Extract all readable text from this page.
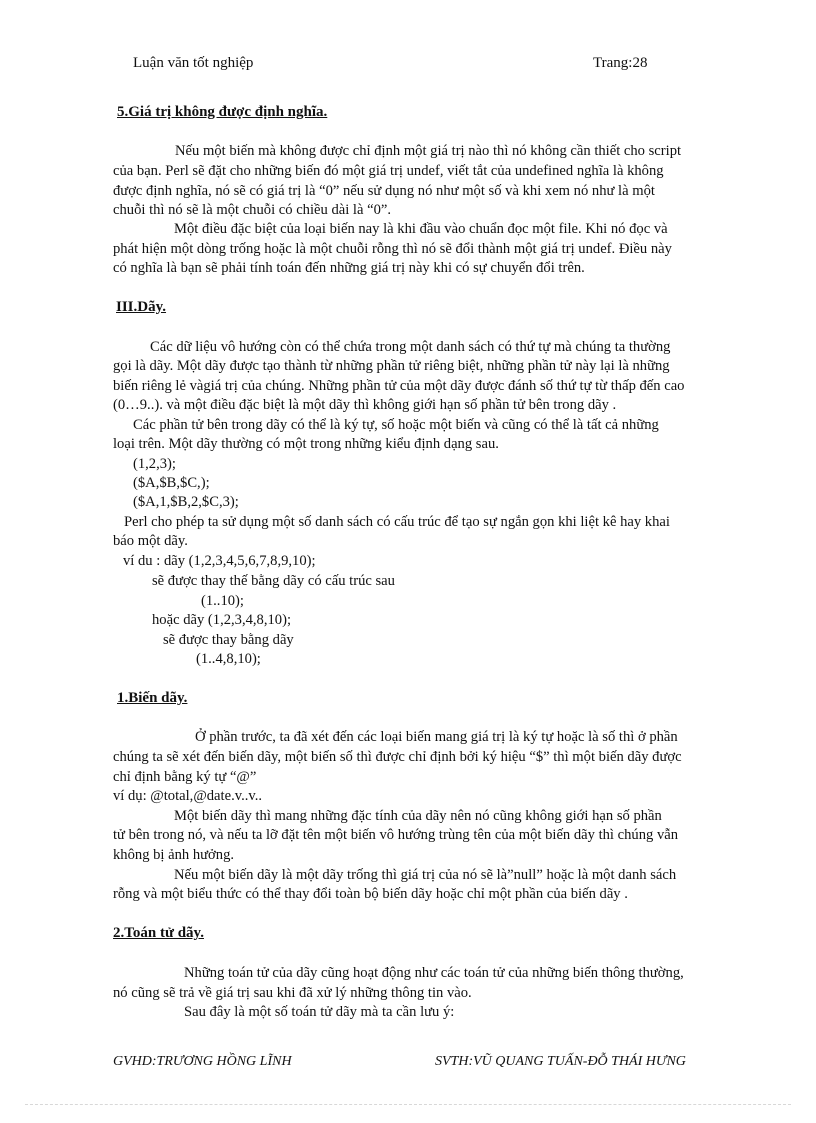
Luận văn tốt nghiệp	Trang:28
5.Giá trị không được định nghĩa.
Nếu một biến mà không được chỉ định một giá trị nào thì nó không cần thiết cho script
của bạn. Perl sẽ đặt cho những biến đó một giá trị undef, viết tắt của undefined nghĩa là không
được định nghĩa, nó sẽ có giá trị là “0” nếu sử dụng nó như một số và khi xem nó như là một
chuỗi thì nó sẽ là một chuỗi có chiều dài là “0”.
Một điều đặc biệt của loại biến nay là khi đầu vào chuẩn đọc một file. Khi nó đọc và
phát hiện một dòng trống hoặc là một chuỗi rỗng thì nó sẽ đổi thành một giá trị undef. Điều này
có nghĩa là bạn sẽ phải tính toán đến những giá trị này khi có sự chuyển đổi trên.
III.Dãy.
Các dữ liệu vô hướng còn có thể chứa trong một danh sách có thứ tự mà chúng ta thường
gọi là dãy. Một dãy được tạo thành từ những phần tử riêng biệt, những phần tử này lại là những
biến riêng lẻ vàgiá trị của chúng. Những phần tử của một dãy được đánh số thứ tự từ thấp đến cao
(0…9..). và một điều đặc biệt là một dãy thì không giới hạn số phần tử bên trong dãy .
Các phần tử bên trong dãy có thể là ký tự, số hoặc một biến và cũng có thể là tất cả những
loại trên. Một dãy thường có một trong những kiểu định dạng sau.
(1,2,3);
($A,$B,$C,);
($A,1,$B,2,$C,3);
Perl cho phép ta sử dụng một số danh sách có cấu trúc để tạo sự ngắn gọn khi liệt kê hay khai
báo một dãy.
ví du : dãy (1,2,3,4,5,6,7,8,9,10);
sẽ được thay thế bằng dãy có cấu trúc sau
(1..10);
hoặc dãy (1,2,3,4,8,10);
sẽ được thay bằng dãy
(1..4,8,10);
1.Biến dãy.
Ở phần trước, ta đã xét đến các loại biến mang giá trị là ký tự hoặc là số thì ở phần
chúng ta sẽ xét đến biến dãy, một biến số thì được chỉ định bởi ký hiệu “$” thì một biến dãy được
chỉ định bằng ký tự “@”
ví dụ: @total,@date.v..v..
Một biến dãy thì mang những đặc tính của dãy nên nó cũng không giới hạn số phần
tử bên trong nó, và nếu ta lỡ đặt tên một biến vô hướng trùng tên của một biến dãy thì chúng vẫn
không bị ảnh hưởng.
Nếu một biến dãy là một dãy trống thì giá trị của nó sẽ là”null” hoặc là một danh sách
rỗng và một biểu thức có thể thay đổi toàn bộ biến dãy hoặc chỉ một phần của biến dãy .
2.Toán tử dãy.
Những toán tử của dãy cũng hoạt động như các toán tử của những biến thông thường,
nó cũng sẽ trả về giá trị sau khi đã xử lý những thông tin vào.
Sau đây là một số toán tử dãy mà ta cần lưu ý:
GVHD:TRƯƠNG HỒNG LĨNH	SVTH:VŨ QUANG TUẤN-ĐỖ THÁI HƯNG
